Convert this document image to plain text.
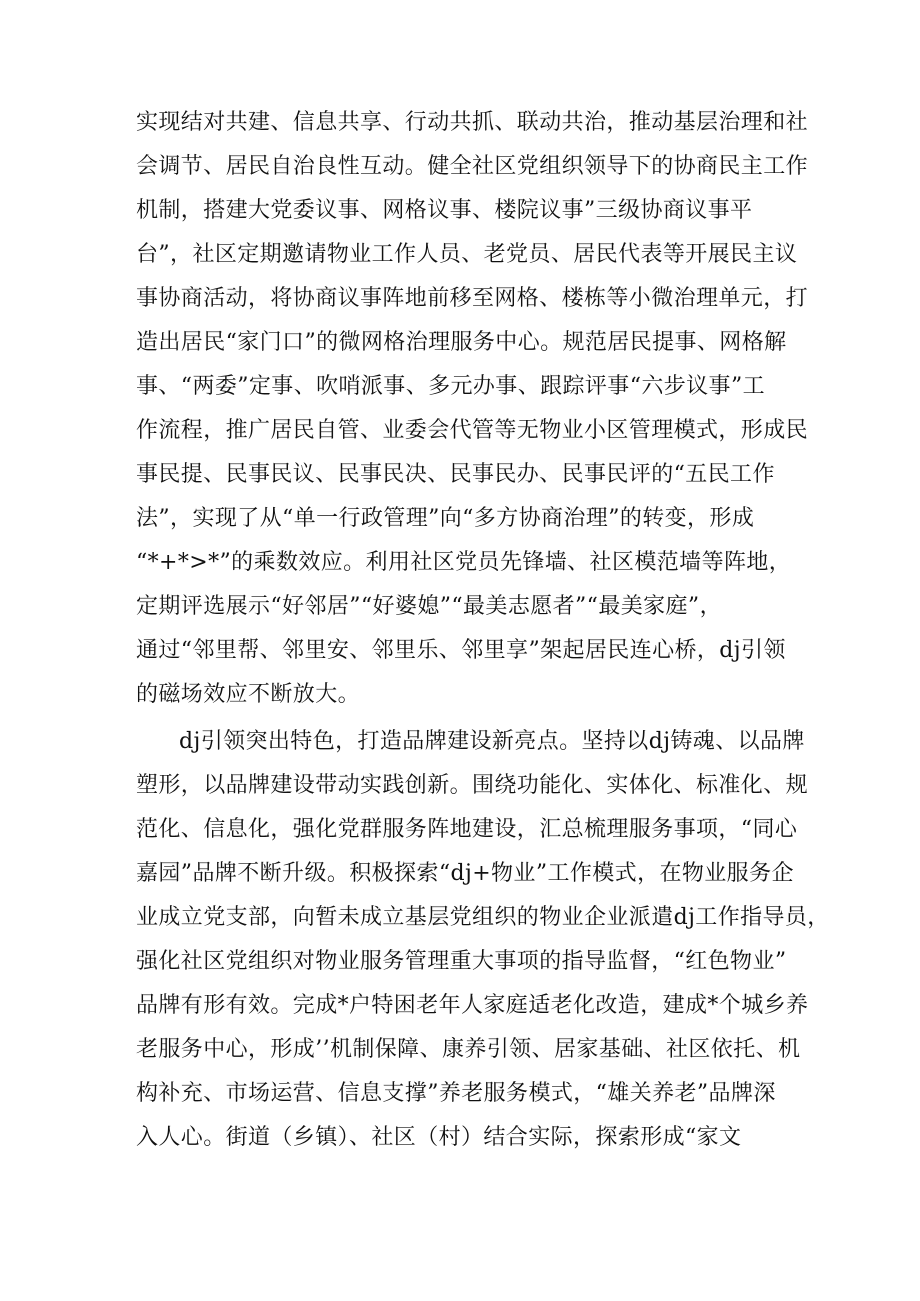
实现结对共建、信息共享、行动共抓、联动共治，推动基层治理和社
会调节、居民自治良性互动。健全社区党组织领导下的协商民主工作
机制，搭建大党委议事、网格议事、楼院议事”三级协商议事平
台”，社区定期邀请物业工作人员、老党员、居民代表等开展民主议
事协商活动，将协商议事阵地前移至网格、楼栋等小微治理单元，打
造出居民“家门口”的微网格治理服务中心。规范居民提事、网格解
事、“两委”定事、吹哨派事、多元办事、跟踪评事“六步议事”工
作流程，推广居民自管、业委会代管等无物业小区管理模式，形成民
事民提、民事民议、民事民决、民事民办、民事民评的“五民工作
法”，实现了从“单一行政管理”向“多方协商治理”的转变，形成
“*+*>*”的乘数效应。利用社区党员先锋墙、社区模范墙等阵地，
定期评选展示“好邻居”“好婆媳”“最美志愿者”“最美家庭”，
通过“邻里帮、邻里安、邻里乐、邻里享”架起居民连心桥，dj引领
的磁场效应不断放大。
dj引领突出特色，打造品牌建设新亮点。坚持以dj铸魂、以品牌
塑形，以品牌建设带动实践创新。围绕功能化、实体化、标准化、规
范化、信息化，强化党群服务阵地建设，汇总梳理服务事项，“同心
嘉园”品牌不断升级。积极探索“dj+物业”工作模式，在物业服务企
业成立党支部，向暂未成立基层党组织的物业企业派遣dj工作指导员，
强化社区党组织对物业服务管理重大事项的指导监督，“红色物业”
品牌有形有效。完成*户特困老年人家庭适老化改造，建成*个城乡养
老服务中心，形成’’机制保障、康养引领、居家基础、社区依托、机
构补充、市场运营、信息支撑”养老服务模式，“雄关养老”品牌深
入人心。街道（乡镇）、社区（村）结合实际，探索形成“家文
